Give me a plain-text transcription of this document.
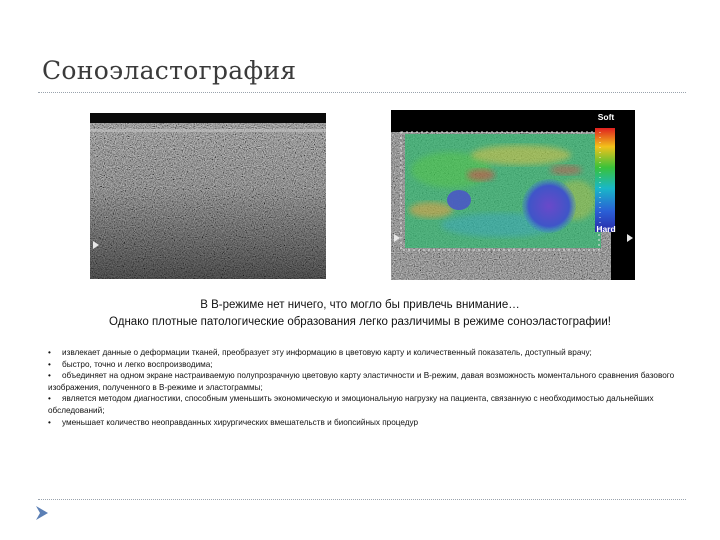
Соноэластография
Soft
Hard
В В-режиме нет ничего, что могло бы привлечь внимание…
Однако плотные патологические образования легко различимы в режиме соноэластографии!
• извлекает данные о деформации тканей, преобразует эту информацию в цветовую карту и количественный показатель, доступный врачу;
• быстро, точно и легко воспроизводима;
• объединяет на одном экране настраиваемую полупрозрачную цветовую карту эластичности и В-режим, давая возможность моментального сравнения базового изображения, полученного в В-режиме и эластограммы;
• является методом диагностики, способным уменьшить экономическую и эмоциональную нагрузку на пациента, связанную с необходимостью дальнейших обследований;
• уменьшает количество неоправданных хирургических вмешательств и биопсийных процедур
